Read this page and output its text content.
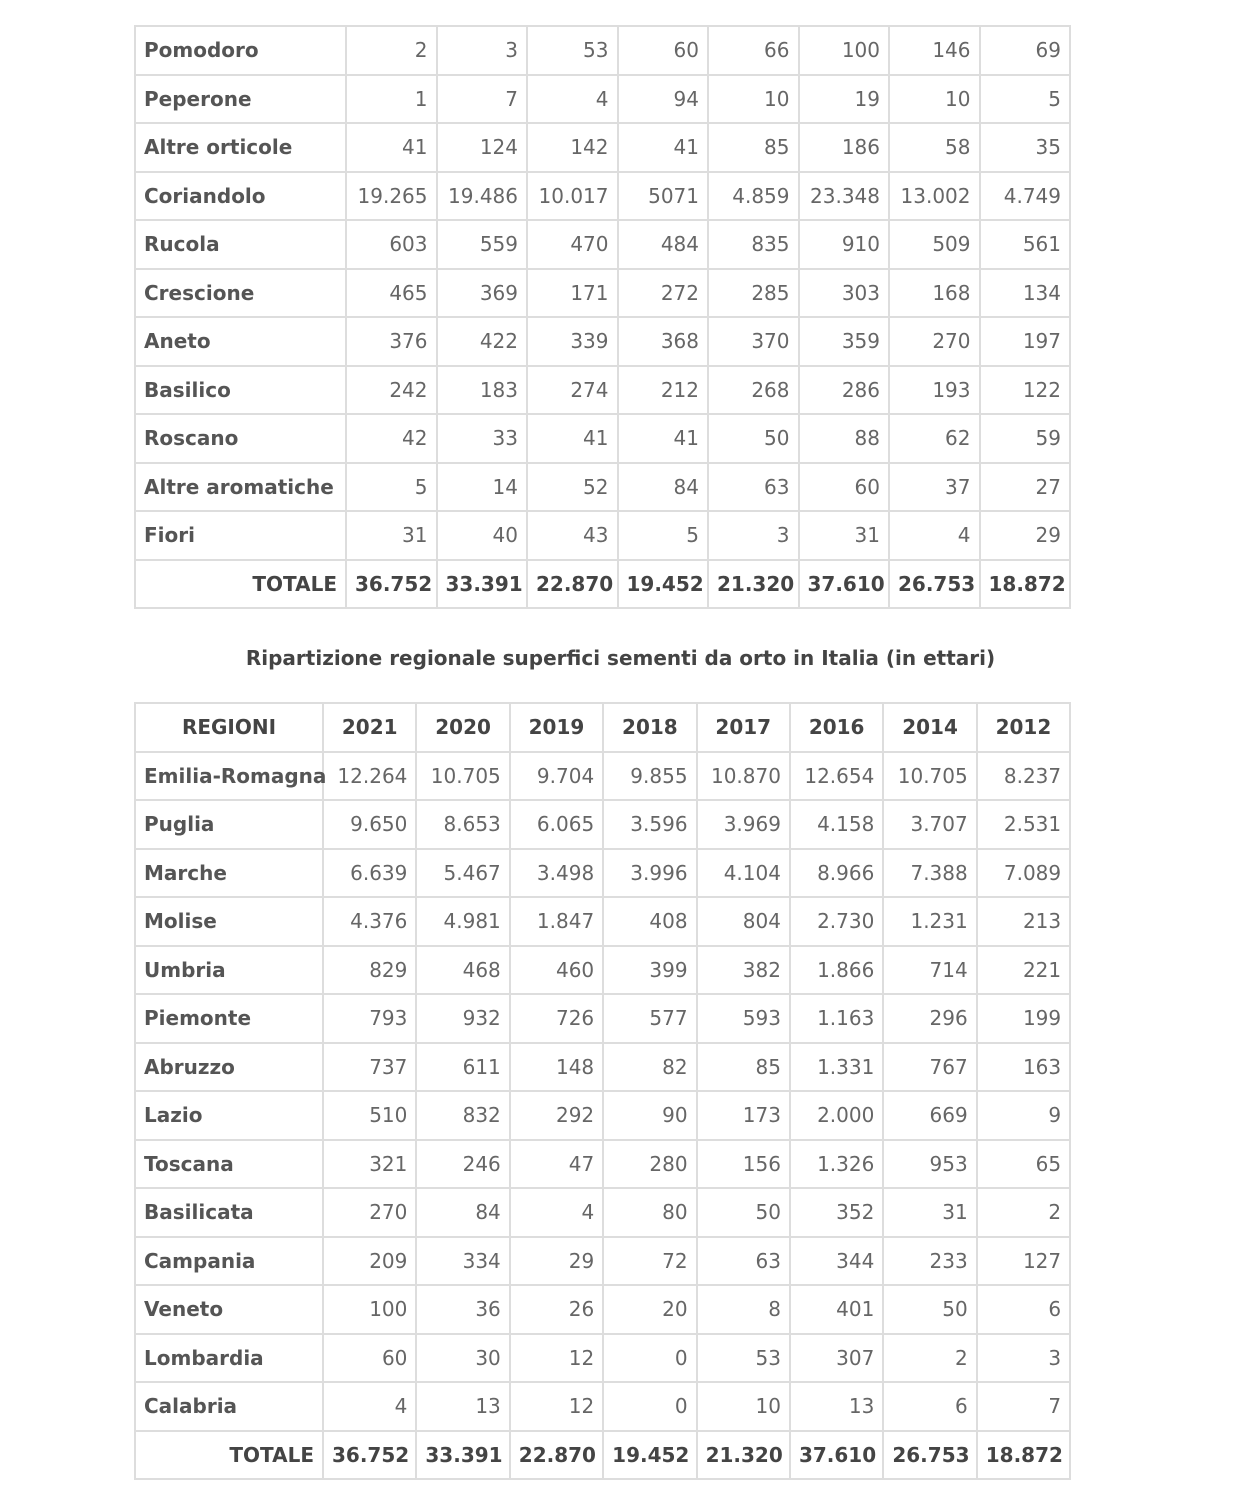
Pomodoro	2	3	53	60	66	100	146	69
Peperone	1	7	4	94	10	19	10	5
Altre orticole	41	124	142	41	85	186	58	35
Coriandolo	19.265	19.486	10.017	5071	4.859	23.348	13.002	4.749
Rucola	603	559	470	484	835	910	509	561
Crescione	465	369	171	272	285	303	168	134
Aneto	376	422	339	368	370	359	270	197
Basilico	242	183	274	212	268	286	193	122
Roscano	42	33	41	41	50	88	62	59
Altre aromatiche	5	14	52	84	63	60	37	27
Fiori	31	40	43	5	3	31	4	29
TOTALE	36.752	33.391	22.870	19.452	21.320	37.610	26.753	18.872
Ripartizione regionale superfici sementi da orto in Italia (in ettari)
REGIONI	2021	2020	2019	2018	2017	2016	2014	2012
Emilia-Romagna	12.264	10.705	9.704	9.855	10.870	12.654	10.705	8.237
Puglia	9.650	8.653	6.065	3.596	3.969	4.158	3.707	2.531
Marche	6.639	5.467	3.498	3.996	4.104	8.966	7.388	7.089
Molise	4.376	4.981	1.847	408	804	2.730	1.231	213
Umbria	829	468	460	399	382	1.866	714	221
Piemonte	793	932	726	577	593	1.163	296	199
Abruzzo	737	611	148	82	85	1.331	767	163
Lazio	510	832	292	90	173	2.000	669	9
Toscana	321	246	47	280	156	1.326	953	65
Basilicata	270	84	4	80	50	352	31	2
Campania	209	334	29	72	63	344	233	127
Veneto	100	36	26	20	8	401	50	6
Lombardia	60	30	12	0	53	307	2	3
Calabria	4	13	12	0	10	13	6	7
TOTALE	36.752	33.391	22.870	19.452	21.320	37.610	26.753	18.872
